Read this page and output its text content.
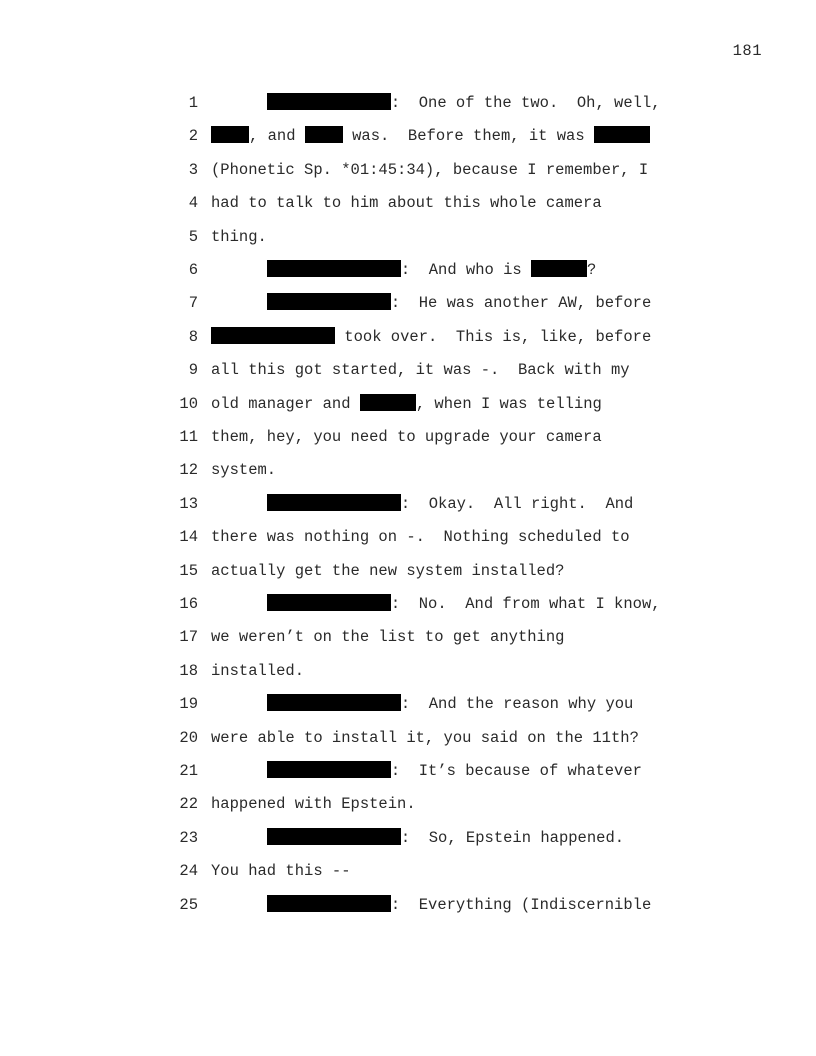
181
1	:  One of the two.  Oh, well,
2	, and  was.  Before them, it was
3 (Phonetic Sp. *01:45:34), because I remember, I
4 had to talk to him about this whole camera
5 thing.
6	:  And who is	?
7	:  He was another AW, before
8	took over.  This is, like, before
9 all this got started, it was -.  Back with my
10 old manager and	, when I was telling
11 them, hey, you need to upgrade your camera
12 system.
13	:  Okay.  All right.  And
14 there was nothing on -.  Nothing scheduled to
15 actually get the new system installed?
16	:  No.  And from what I know,
17 we weren’t on the list to get anything
18 installed.
19	:  And the reason why you
20 were able to install it, you said on the 11th?
21	:  It’s because of whatever
22 happened with Epstein.
23	:  So, Epstein happened.
24 You had this --
25	:  Everything (Indiscernible
